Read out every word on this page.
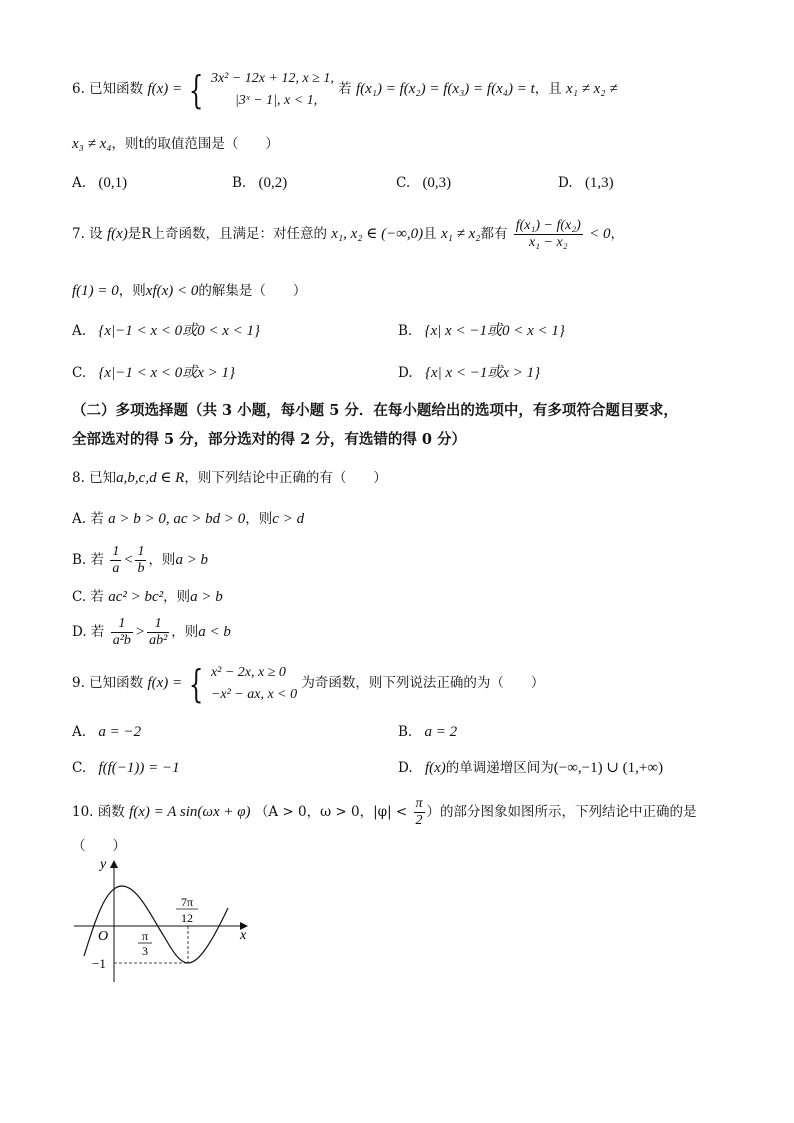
6. 已知函数 f(x) = { 3x² − 12x + 12, x ≥ 1,
|3ˣ − 1|, x < 1,
若 f(x₁) = f(x₂) = f(x₃) = f(x₄) = t，且 x₁ ≠ x₂ ≠
x₃ ≠ x₄，则t的取值范围是（　　）
A. (0,1)	B. (0,2)	C. (0,3)	D. (1,3)
7. 设 f(x)是R上奇函数，且满足：对任意的 x₁, x₂ ∈ (−∞,0)且 x₁ ≠ x₂都有 $\frac{\text{f(x₁) − f(x₂)}}{\text{x₁ − x₂}} < 0$，
f(1) = 0，则xf(x) < 0的解集是（　　）
A. {x|−1 < x < 0或0 < x < 1}	B. {x| x < −1或0 < x < 1}
C. {x|−1 < x < 0或x > 1}	D. {x| x < −1或x > 1}
（二）多项选择题（共 3 小题，每小题 5 分．在每小题给出的选项中，有多项符合题目要求，
全部选对的得 5 分，部分选对的得 2 分，有选错的得 0 分）
8. 已知a,b,c,d ∈ R，则下列结论中正确的有（　　）
A. 若 a > b > 0, ac > bd > 0，则c > d
B. 若 $\frac{1}{a} < \frac{1}{b}$ ，则a > b
C. 若 ac² > bc²，则a > b
D. 若 $\frac{1}{\text{a²b}} > \frac{1}{\text{ab²}}$ ，则a < b
9. 已知函数 f(x) = { x² − 2x, x ≥ 0
−x² − ax, x < 0
为奇函数，则下列说法正确的为（　　）
A. a = −2	B. a = 2
C. f(f(−1)) = −1	D. f(x)的单调递增区间为(−∞,−1) ∪ (1,+∞)
10. 函数 f(x) = A sin(ωx + φ) （A > 0，ω > 0，$|\varphi| < \frac{\pi}{2}$ ）的部分图象如图所示，下列结论中正确的是
（　　）
y
x
O	π
3
7π
12
−1
